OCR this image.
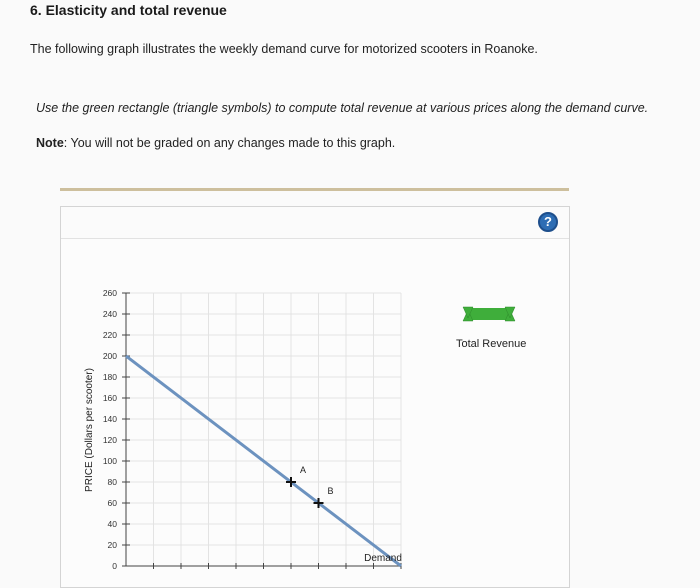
6. Elasticity and total revenue
The following graph illustrates the weekly demand curve for motorized scooters in Roanoke.
Use the green rectangle (triangle symbols) to compute total revenue at various prices along the demand curve.
Note: You will not be graded on any changes made to this graph.
?
0
20
40
60
80
100
120
140
160
180
200
220
240
260
PRICE (Dollars per scooter)
Demand
A
B
Total Revenue
